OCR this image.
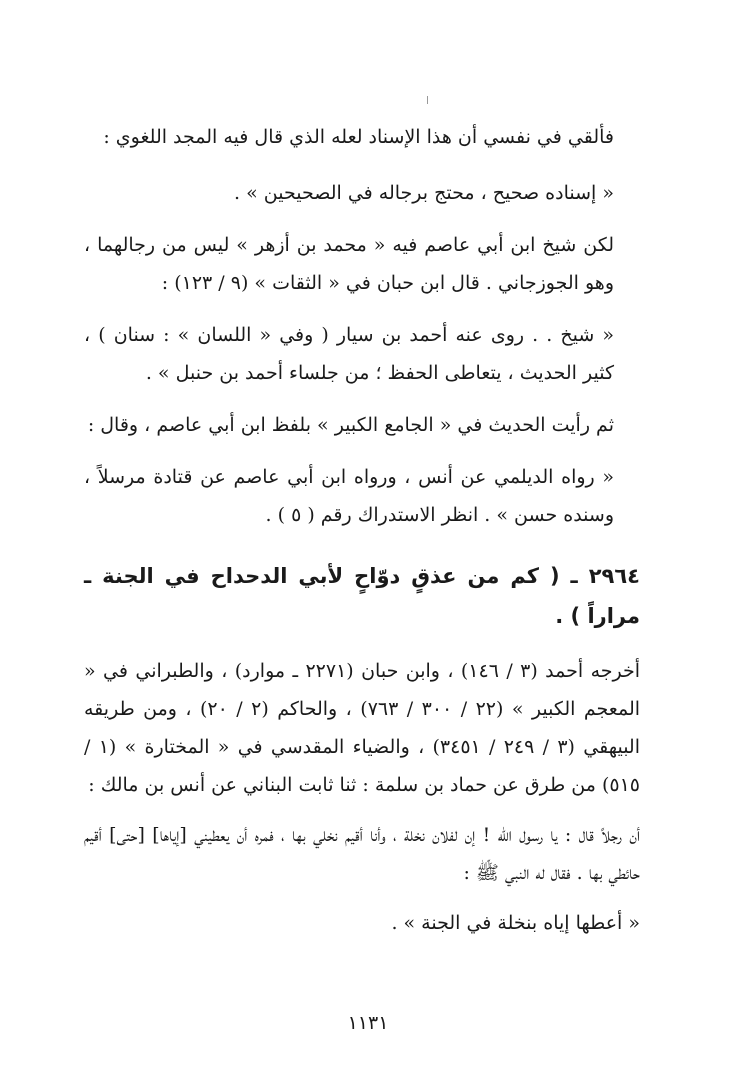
فألقي في نفسي أن هذا الإسناد لعله الذي قال فيه المجد اللغوي :

« إسناده صحيح ، محتج برجاله في الصحيحين » .

لكن شيخ ابن أبي عاصم فيه « محمد بن أزهر » ليس من رجالهما ، وهو الجوزجاني . قال ابن حبان في « الثقات » (٩ / ١٢٣) :

« شيخ . . روى عنه أحمد بن سيار ( وفي « اللسان » : سنان ) ، كثير الحديث ، يتعاطى الحفظ ؛ من جلساء أحمد بن حنبل » .

ثم رأيت الحديث في « الجامع الكبير » بلفظ ابن أبي عاصم ، وقال :

« رواه الديلمي عن أنس ، ورواه ابن أبي عاصم عن قتادة مرسلاً ، وسنده حسن » . انظر الاستدراك رقم ( ٥ ) .

٢٩٦٤ ـ ( كم من عذقٍ دوّاحٍ لأبي الدحداح في الجنة ـ مراراً ) .

أخرجه أحمد (٣ / ١٤٦) ، وابن حبان (٢٢٧١ ـ موارد) ، والطبراني في « المعجم الكبير » (٢٢ / ٣٠٠ / ٧٦٣) ، والحاكم (٢ / ٢٠) ، ومن طريقه البيهقي (٣ / ٢٤٩ / ٣٤٥١) ، والضياء المقدسي في « المختارة » (١ / ٥١٥) من طرق عن حماد بن سلمة : ثنا ثابت البناني عن أنس بن مالك :

أن رجلاً قال : يا رسول الله ! إن لفلان نخلة ، وأنا أقيم نخلي بها ، فمره أن يعطيني [إياها] [حتى] أقيم حائطي بها . فقال له النبي ﷺ :

« أعطها إياه بنخلة في الجنة » .

١١٣١
